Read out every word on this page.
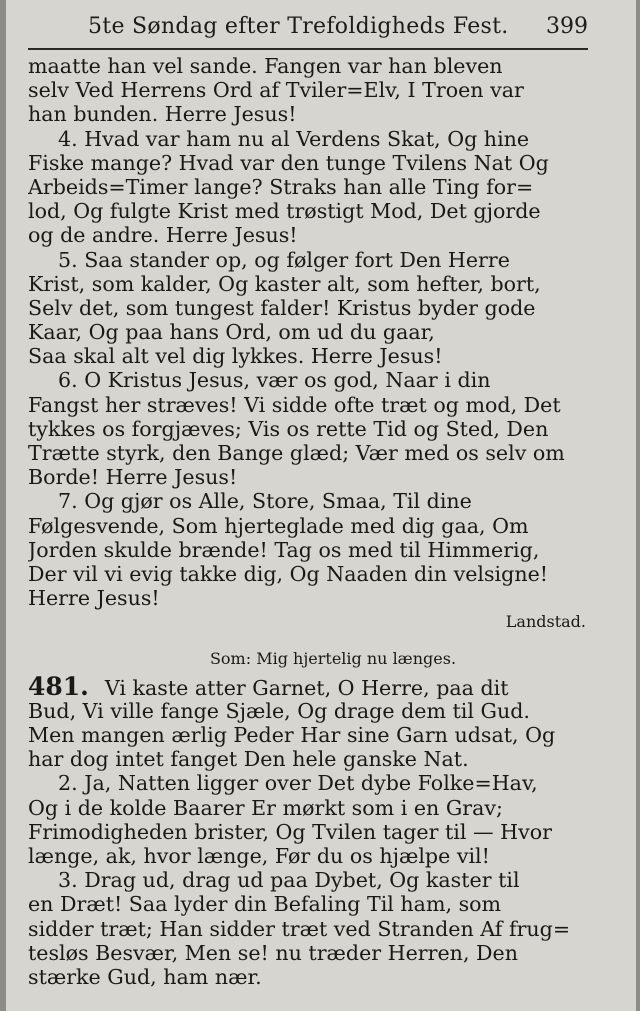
5te Søndag efter Trefoldigheds Fest. 399
maatte han vel sande. Fangen var han bleven
selv Ved Herrens Ord af Tviler=Elv, I Troen var
han bunden. Herre Jesus!
4. Hvad var ham nu al Verdens Skat, Og hine
Fiske mange? Hvad var den tunge Tvilens Nat Og
Arbeids=Timer lange? Straks han alle Ting for=
lod, Og fulgte Krist med trøstigt Mod, Det gjorde
og de andre. Herre Jesus!
5. Saa stander op, og følger fort Den Herre
Krist, som kalder, Og kaster alt, som hefter, bort,
Selv det, som tungest falder! Kristus byder gode
Kaar, Og paa hans Ord, om ud du gaar,
Saa skal alt vel dig lykkes. Herre Jesus!
6. O Kristus Jesus, vær os god, Naar i din
Fangst her stræves! Vi sidde ofte træt og mod, Det
tykkes os forgjæves; Vis os rette Tid og Sted, Den
Trætte styrk, den Bange glæd; Vær med os selv om
Borde! Herre Jesus!
7. Og gjør os Alle, Store, Smaa, Til dine
Følgesvende, Som hjerteglade med dig gaa, Om
Jorden skulde brænde! Tag os med til Himmerig,
Der vil vi evig takke dig, Og Naaden din velsigne!
Herre Jesus!
Landstad.
Som: Mig hjertelig nu længes.
481. Vi kaste atter Garnet, O Herre, paa dit
Bud, Vi ville fange Sjæle, Og drage dem til Gud.
Men mangen ærlig Peder Har sine Garn udsat, Og
har dog intet fanget Den hele ganske Nat.
2. Ja, Natten ligger over Det dybe Folke=Hav,
Og i de kolde Baarer Er mørkt som i en Grav;
Frimodigheden brister, Og Tvilen tager til — Hvor
længe, ak, hvor længe, Før du os hjælpe vil!
3. Drag ud, drag ud paa Dybet, Og kaster til
en Dræt! Saa lyder din Befaling Til ham, som
sidder træt; Han sidder træt ved Stranden Af frug=
tesløs Besvær, Men se! nu træder Herren, Den
stærke Gud, ham nær.
